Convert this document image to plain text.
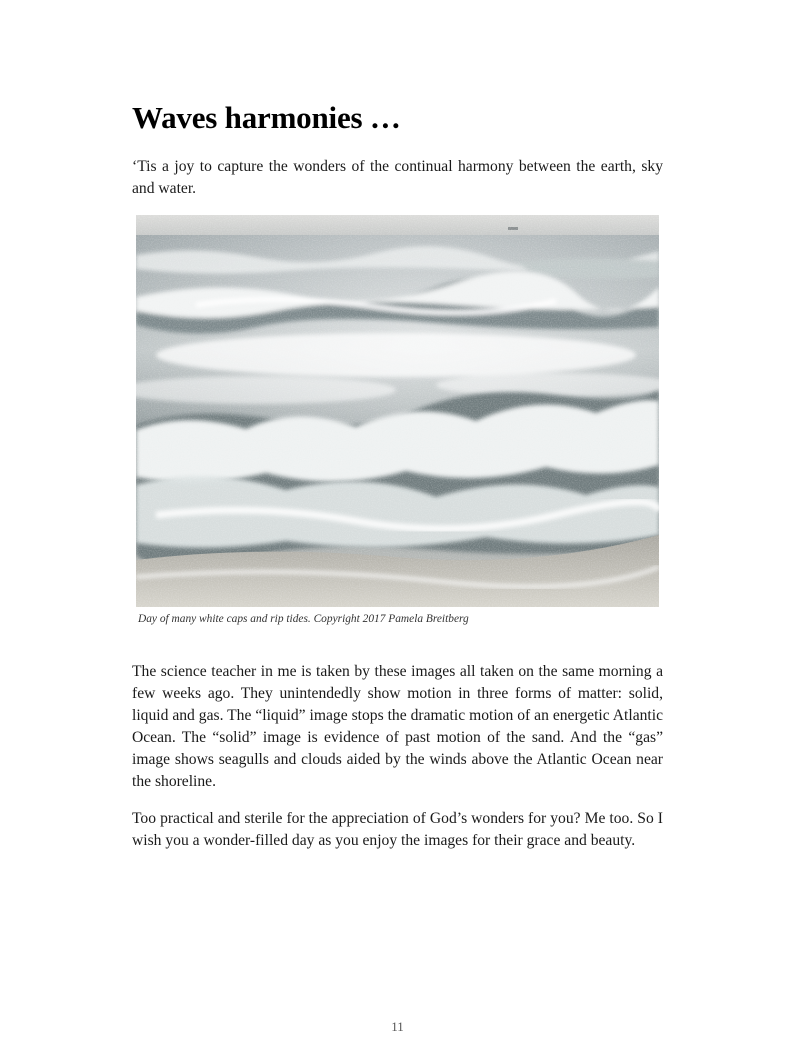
Waves harmonies …

‘Tis a joy to capture the wonders of the continual harmony between the earth, sky and water.

Day of many white caps and rip tides. Copyright 2017 Pamela Breitberg

The science teacher in me is taken by these images all taken on the same morning a few weeks ago. They unintendedly show motion in three forms of matter: solid, liquid and gas. The “liquid” image stops the dramatic motion of an energetic Atlantic Ocean. The “solid” image is evidence of past motion of the sand. And the “gas” image shows seagulls and clouds aided by the winds above the Atlantic Ocean near the shoreline.

Too practical and sterile for the appreciation of God’s wonders for you? Me too. So I wish you a wonder-filled day as you enjoy the images for their grace and beauty.

11
